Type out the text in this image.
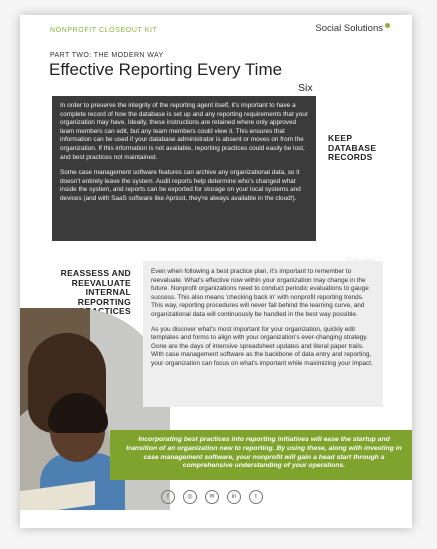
NONPROFIT CLOSEOUT KIT	Social Solutions
PART TWO: THE MODERN WAY
Effective Reporting Every Time
Six

In order to preserve the integrity of the reporting agent itself, it's important to have a complete record of how the database is set up and any reporting requirements that your organization may have. Ideally, these instructions are retained where only approved team members can edit, but any team members could view it. This ensures that information can be used if your database administrator is absent or moves on from the organization. If this information is not available, reporting practices could easily be lost, and best practices not maintained.

Some case management software features can archive any organizational data, so it doesn't entirely leave the system. Audit reports help determine who's changed what inside the system, and reports can be exported for storage on your local systems and devices (and with SaaS software like Apricot, they're always available in the cloud!).

KEEP
DATABASE
RECORDS
REASSESS AND
REEVALUATE
INTERNAL
REPORTING

Even when following a best practice plan, it's important to remember to reevaluate. What's effective now within your organization may change in the future. Nonprofit organizations need to conduct periodic evaluations to gauge success. This also means 'checking back in' with nonprofit reporting trends. This way, reporting procedures will never fall behind the learning curve, and organizational data will continuously be handled in the best way possible.

As you discover what's most important for your organization, quickly edit templates and forms to align with your organization's ever-changing strategy. Gone are the days of intensive spreadsheet updates and literal paper trails. With case management software as the backbone of data entry and reporting, your organization can focus on what's important while maximizing your impact.

Incorporating best practices into reporting initiatives will ease the startup and transition of an organization new to reporting. By using these, along with investing in case management software, your nonprofit will gain a head start through a comprehensive understanding of your operations.
f	◎	✉	in	t
